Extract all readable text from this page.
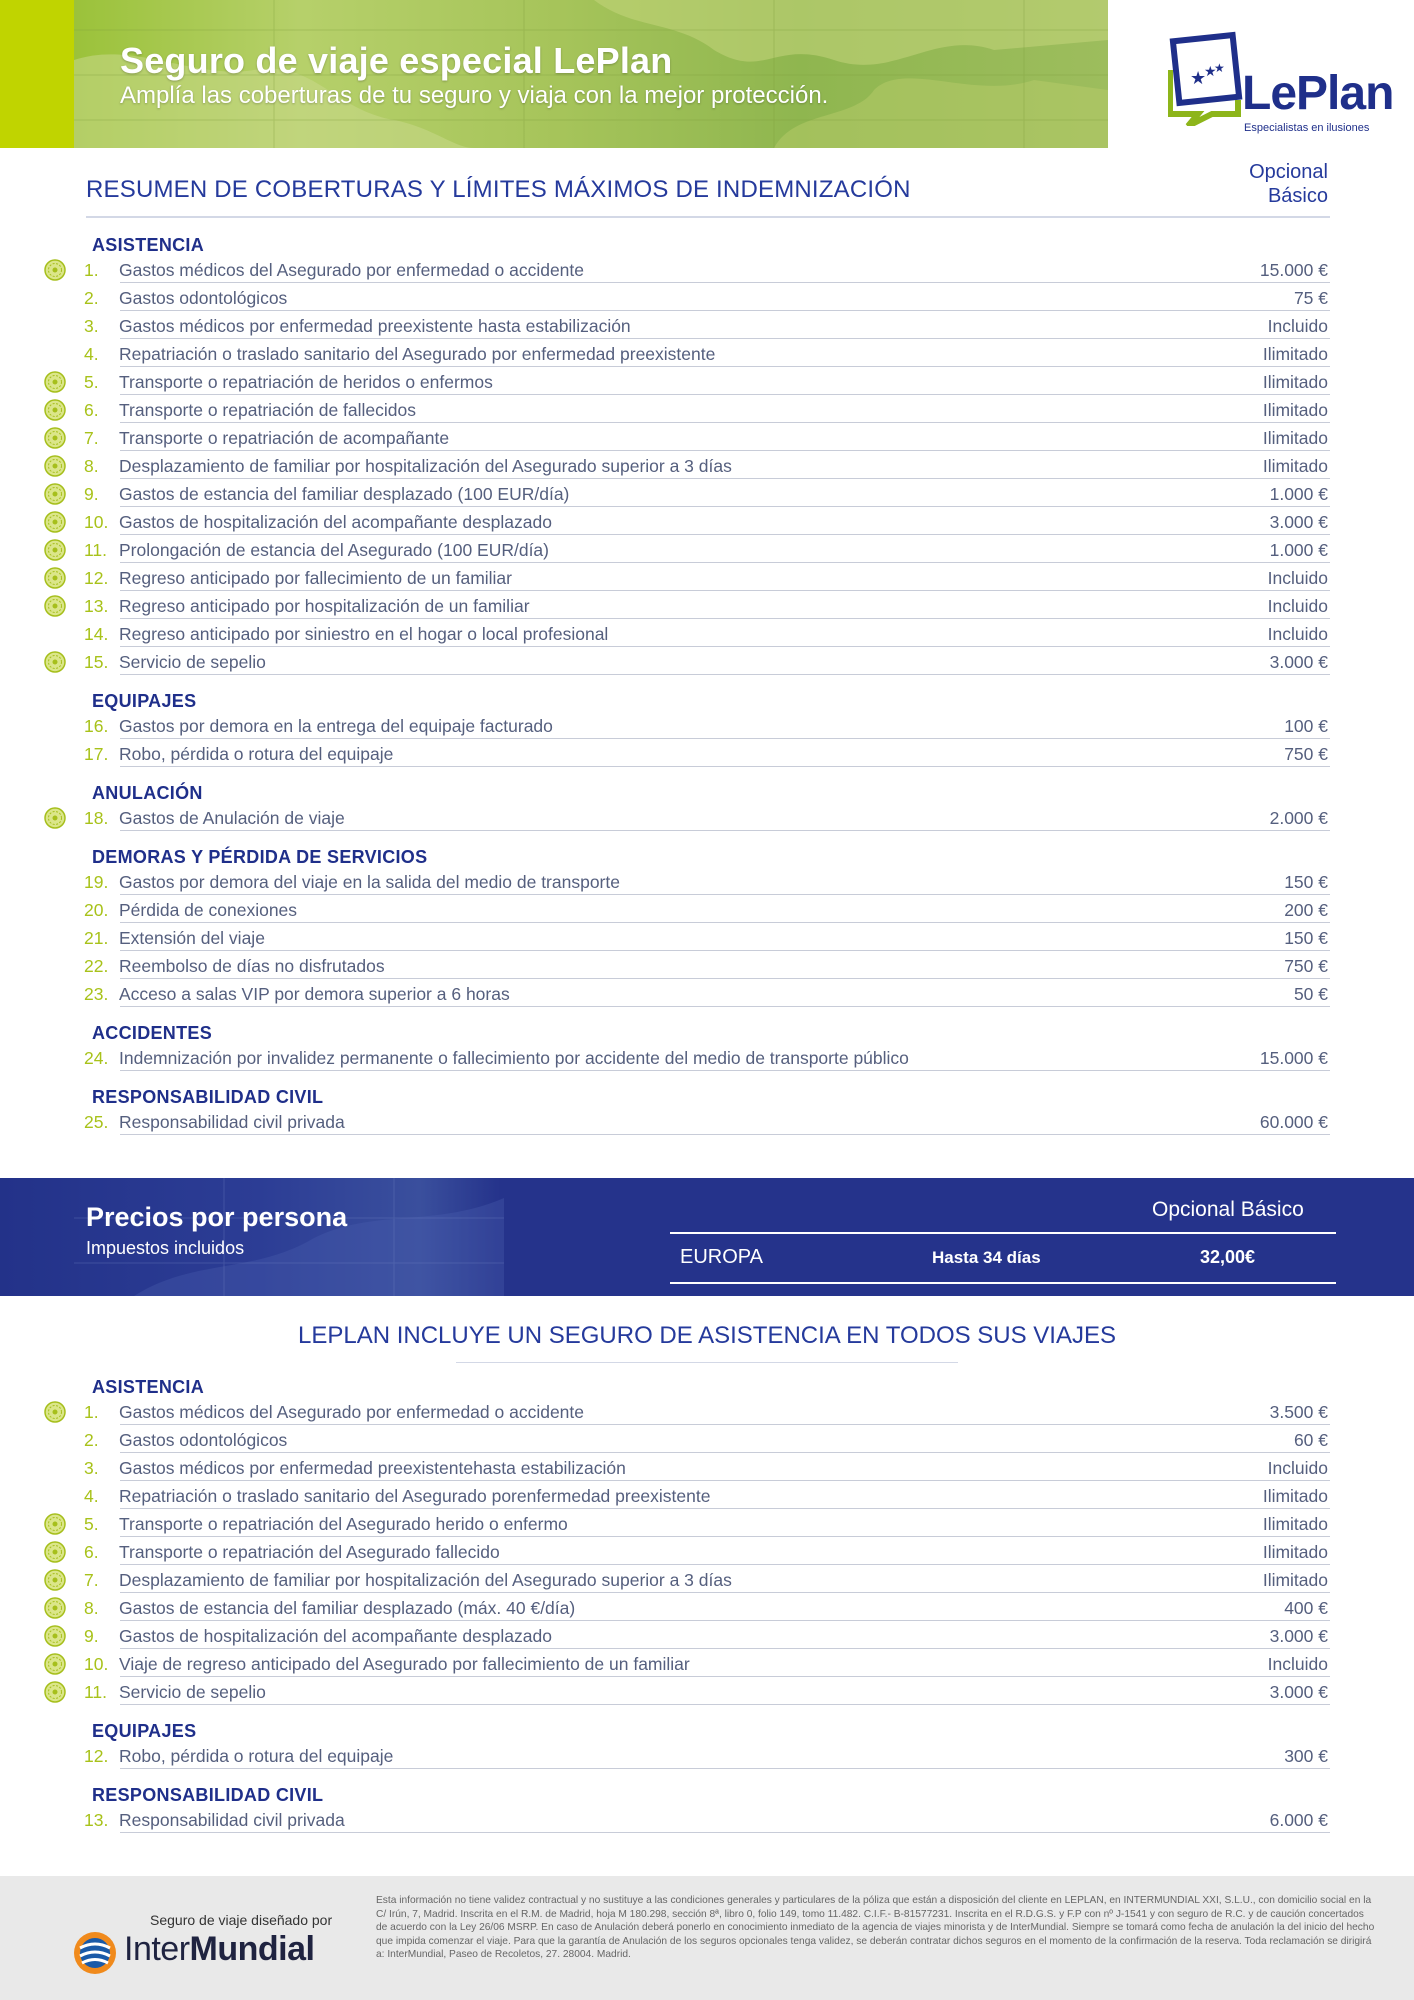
Seguro de viaje especial LePlan
Amplía las coberturas de tu seguro y viaja con la mejor protección.
★
★
★ LePlan
Especialistas en ilusiones
RESUMEN DE COBERTURAS Y LÍMITES MÁXIMOS DE INDEMNIZACIÓN
Opcional
Básico
ASISTENCIA
1.	Gastos médicos del Asegurado por enfermedad o accidente	15.000 €
2.	Gastos odontológicos	75 €
3.	Gastos médicos por enfermedad preexistente hasta estabilización	Incluido
4.	Repatriación o traslado sanitario del Asegurado por enfermedad preexistente	Ilimitado
5.	Transporte o repatriación de heridos o enfermos	Ilimitado
6.	Transporte o repatriación de fallecidos	Ilimitado
7.	Transporte o repatriación de acompañante	Ilimitado
8.	Desplazamiento de familiar por hospitalización del Asegurado superior a 3 días	Ilimitado
9.	Gastos de estancia del familiar desplazado (100 EUR/día)	1.000 €
10. Gastos de hospitalización del acompañante desplazado	3.000 €
11. Prolongación de estancia del Asegurado (100 EUR/día)	1.000 €
12. Regreso anticipado por fallecimiento de un familiar	Incluido
13. Regreso anticipado por hospitalización de un familiar	Incluido
14. Regreso anticipado por siniestro en el hogar o local profesional	Incluido
15. Servicio de sepelio	3.000 €
EQUIPAJES
16. Gastos por demora en la entrega del equipaje facturado	100 €
17. Robo, pérdida o rotura del equipaje	750 €
ANULACIÓN
18. Gastos de Anulación de viaje	2.000 €
DEMORAS Y PÉRDIDA DE SERVICIOS
19. Gastos por demora del viaje en la salida del medio de transporte	150 €
20. Pérdida de conexiones	200 €
21. Extensión del viaje	150 €
22. Reembolso de días no disfrutados	750 €
23. Acceso a salas VIP por demora superior a 6 horas	50 €
ACCIDENTES
24. Indemnización por invalidez permanente o fallecimiento por accidente del medio de transporte público	15.000 €
RESPONSABILIDAD CIVIL
25. Responsabilidad civil privada	60.000 €
Precios por persona
Impuestos incluidos
Opcional Básico
EUROPA	Hasta 34 días	32,00€
LEPLAN INCLUYE UN SEGURO DE ASISTENCIA EN TODOS SUS VIAJES
ASISTENCIA
1.	Gastos médicos del Asegurado por enfermedad o accidente	3.500 €
2.	Gastos odontológicos	60 €
3.	Gastos médicos por enfermedad preexistentehasta estabilización	Incluido
4.	Repatriación o traslado sanitario del Asegurado porenfermedad preexistente	Ilimitado
5.	Transporte o repatriación del Asegurado herido o enfermo	Ilimitado
6.	Transporte o repatriación del Asegurado fallecido	Ilimitado
7.	Desplazamiento de familiar por hospitalización del Asegurado superior a 3 días	Ilimitado
8.	Gastos de estancia del familiar desplazado (máx. 40 €/día)	400 €
9.	Gastos de hospitalización del acompañante desplazado	3.000 €
10. Viaje de regreso anticipado del Asegurado por fallecimiento de un familiar	Incluido
11. Servicio de sepelio	3.000 €
EQUIPAJES
12. Robo, pérdida o rotura del equipaje	300 €
RESPONSABILIDAD CIVIL
13. Responsabilidad civil privada	6.000 €
Seguro de viaje diseñado por
InterMundial
Esta información no tiene validez contractual y no sustituye a las condiciones generales y particulares de la póliza que están a disposición del cliente en LEPLAN, en INTERMUNDIAL XXI, S.L.U., con domicilio social en la C/ Irún, 7, Madrid. Inscrita en el R.M. de Madrid, hoja M 180.298, sección 8ª, libro 0, folio 149, tomo 11.482. C.I.F.- B-81577231. Inscrita en el R.D.G.S. y F.P con nº J-1541 y con seguro de R.C. y de caución concertados de acuerdo con la Ley 26/06 MSRP. En caso de Anulación deberá ponerlo en conocimiento inmediato de la agencia de viajes minorista y de InterMundial. Siempre se tomará como fecha de anulación la del inicio del hecho que impida comenzar el viaje. Para que la garantía de Anulación de los seguros opcionales tenga validez, se deberán contratar dichos seguros en el momento de la confirmación de la reserva. Toda reclamación se dirigirá a: InterMundial, Paseo de Recoletos, 27. 28004. Madrid.
